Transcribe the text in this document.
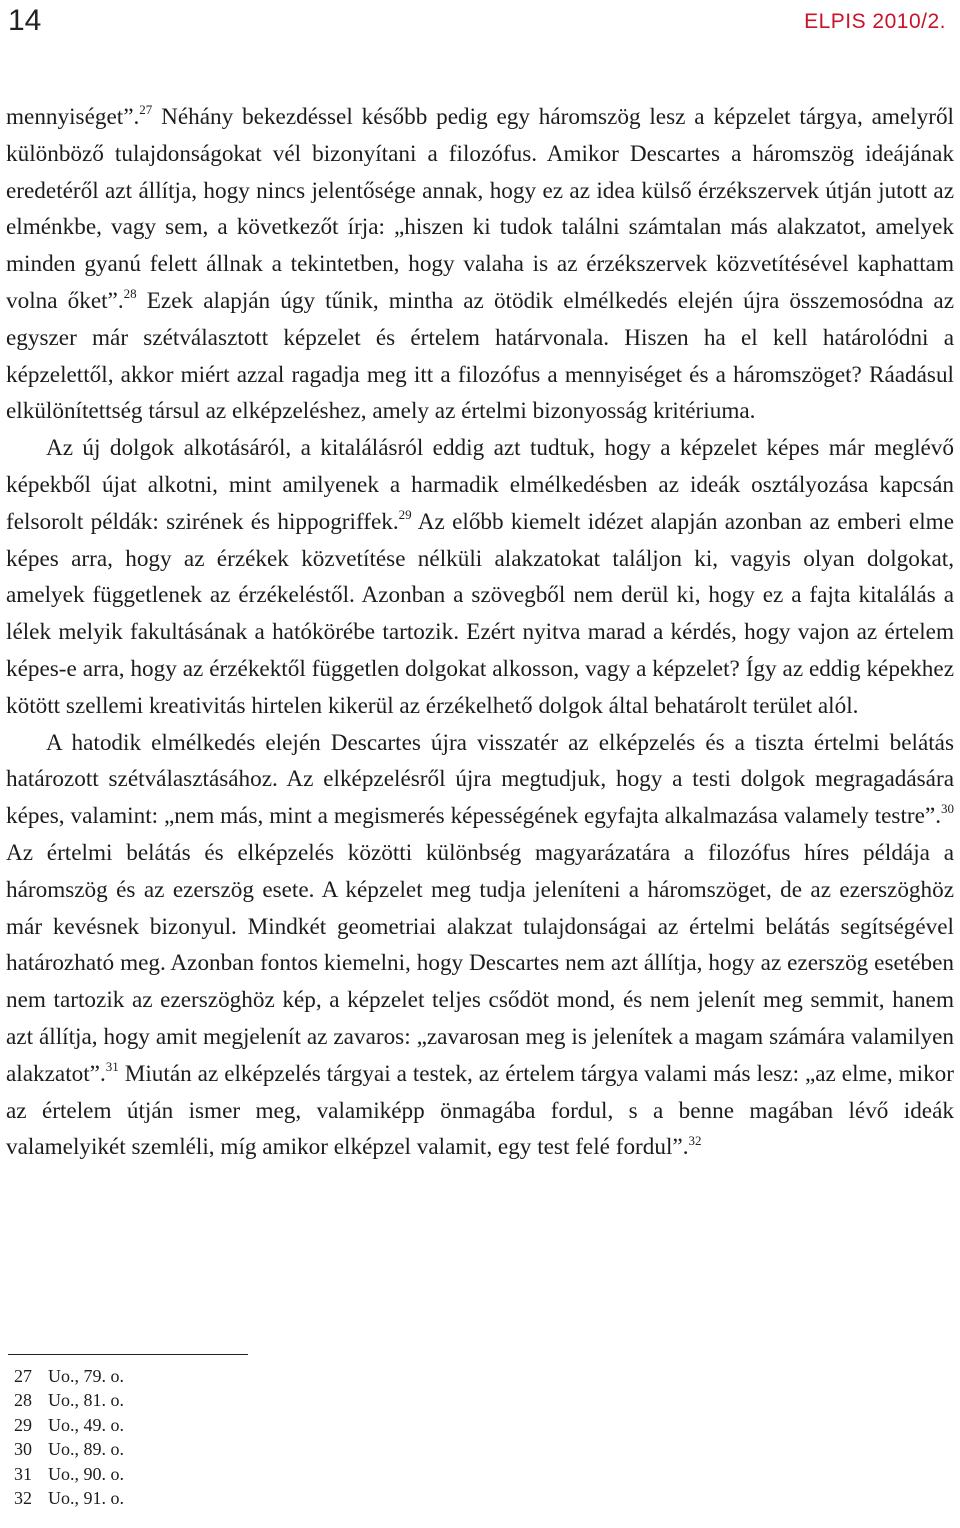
14	ELPIS 2010/2.

mennyiséget”.$^{27}$ Néhány bekezdéssel később pedig egy háromszög lesz a képzelet tárgya, amelyről különböző tulajdonságokat vél bizonyítani a filozófus. Amikor Descartes a háromszög ideájának eredetéről azt állítja, hogy nincs jelentősége annak, hogy ez az idea külső érzékszervek útján jutott az elménkbe, vagy sem, a következőt írja: „hiszen ki tudok találni számtalan más alakzatot, amelyek minden gyanú felett állnak a tekintetben, hogy valaha is az érzékszervek közvetítésével kaphattam volna őket”.$^{28}$ Ezek alapján úgy tűnik, mintha az ötödik elmélkedés elején újra összemosódna az egyszer már szétválasztott képzelet és értelem határvonala. Hiszen ha el kell határolódni a képzelettől, akkor miért azzal ragadja meg itt a filozófus a mennyiséget és a háromszöget? Ráadásul elkülönítettség társul az elképzeléshez, amely az értelmi bizonyosság kritériuma.

Az új dolgok alkotásáról, a kitalálásról eddig azt tudtuk, hogy a képzelet képes már meglévő képekből újat alkotni, mint amilyenek a harmadik elmélkedésben az ideák osztályozása kapcsán felsorolt példák: szirének és hippogriffek.$^{29}$ Az előbb kiemelt idézet alapján azonban az emberi elme képes arra, hogy az érzékek közvetítése nélküli alakzatokat találjon ki, vagyis olyan dolgokat, amelyek függetlenek az érzékeléstől. Azonban a szövegből nem derül ki, hogy ez a fajta kitalálás a lélek melyik fakultásának a hatókörébe tartozik. Ezért nyitva marad a kérdés, hogy vajon az értelem képes-e arra, hogy az érzékektől független dolgokat alkosson, vagy a képzelet? Így az eddig képekhez kötött szellemi kreativitás hirtelen kikerül az érzékelhető dolgok által behatárolt terület alól.

A hatodik elmélkedés elején Descartes újra visszatér az elképzelés és a tiszta értelmi belátás határozott szétválasztásához. Az elképzelésről újra megtudjuk, hogy a testi dolgok megragadására képes, valamint: „nem más, mint a megismerés képességének egyfajta alkalmazása valamely testre”.$^{30}$ Az értelmi belátás és elképzelés közötti különbség magyarázatára a filozófus híres példája a háromszög és az ezerszög esete. A képzelet meg tudja jeleníteni a háromszöget, de az ezerszöghöz már kevésnek bizonyul. Mindkét geometriai alakzat tulajdonságai az értelmi belátás segítségével határozható meg. Azonban fontos kiemelni, hogy Descartes nem azt állítja, hogy az ezerszög esetében nem tartozik az ezerszöghöz kép, a képzelet teljes csődöt mond, és nem jelenít meg semmit, hanem azt állítja, hogy amit megjelenít az zavaros: „zavarosan meg is jelenítek a magam számára valamilyen alakzatot”.$^{31}$ Miután az elképzelés tárgyai a testek, az értelem tárgya valami más lesz: „az elme, mikor az értelem útján ismer meg, valamiképp önmagába fordul, s a benne magában lévő ideák valamelyikét szemléli, míg amikor elképzel valamit, egy test felé fordul”.$^{32}$

27 Uo., 79. o.
28 Uo., 81. o.
29 Uo., 49. o.
30 Uo., 89. o.
31 Uo., 90. o.
32 Uo., 91. o.
